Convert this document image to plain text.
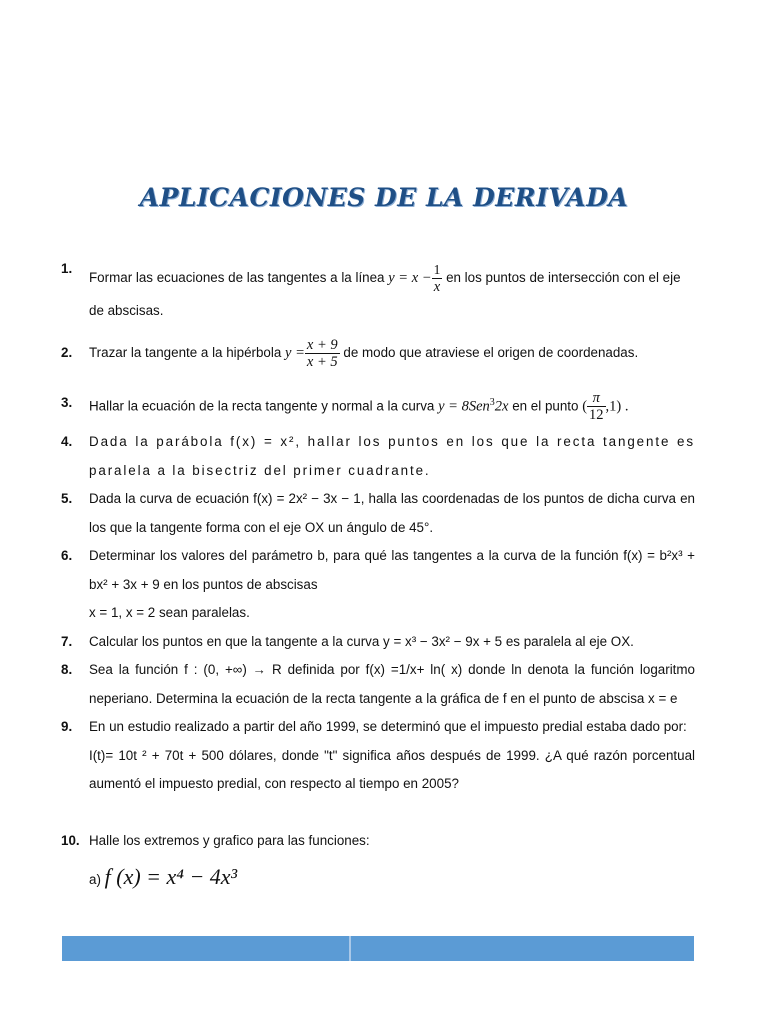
APLICACIONES DE LA DERIVADA
1.
Formar las ecuaciones de las tangentes a la línea $y = x - \frac{1}{x}$ en los puntos de intersección con el eje
de abscisas.
2. Trazar la tangente a la hipérbola $y = \frac{x + 9}{x + 5}$ de modo que atraviese el origen de coordenadas.
3. Hallar la ecuación de la recta tangente y normal a la curva y = 8Sen$^3$2x en el punto ( $\frac{\pi}{12} ,1$) .
4. Dada la parábola f(x) = x², hallar los puntos en los que la recta tangente es paralela a la bisectriz del primer cuadrante.
5. Dada la curva de ecuación f(x) = 2x² − 3x − 1, halla las coordenadas de los puntos de dicha curva en los que la tangente forma con el eje OX un ángulo de 45°.
6. Determinar los valores del parámetro b, para qué las tangentes a la curva de la función f(x) = b²x³ + bx² + 3x + 9 en los puntos de abscisas
x = 1, x = 2 sean paralelas.
7. Calcular los puntos en que la tangente a la curva y = x³ − 3x² − 9x + 5 es paralela al eje OX.
8. Sea la función f : (0, +∞) → R definida por f(x) =1/x+ ln( x) donde ln denota la función logaritmo neperiano. Determina la ecuación de la recta tangente a la gráfica de f en el punto de abscisa x = e
9. En un estudio realizado a partir del año 1999, se determinó que el impuesto predial estaba dado por:
I(t)= 10t ² + 70t + 500 dólares, donde "t" significa años después de 1999. ¿A qué razón porcentual aumentó el impuesto predial, con respecto al tiempo en 2005?
10. Halle los extremos y grafico para las funciones:
a) f (x) = x⁴ − 4x³
